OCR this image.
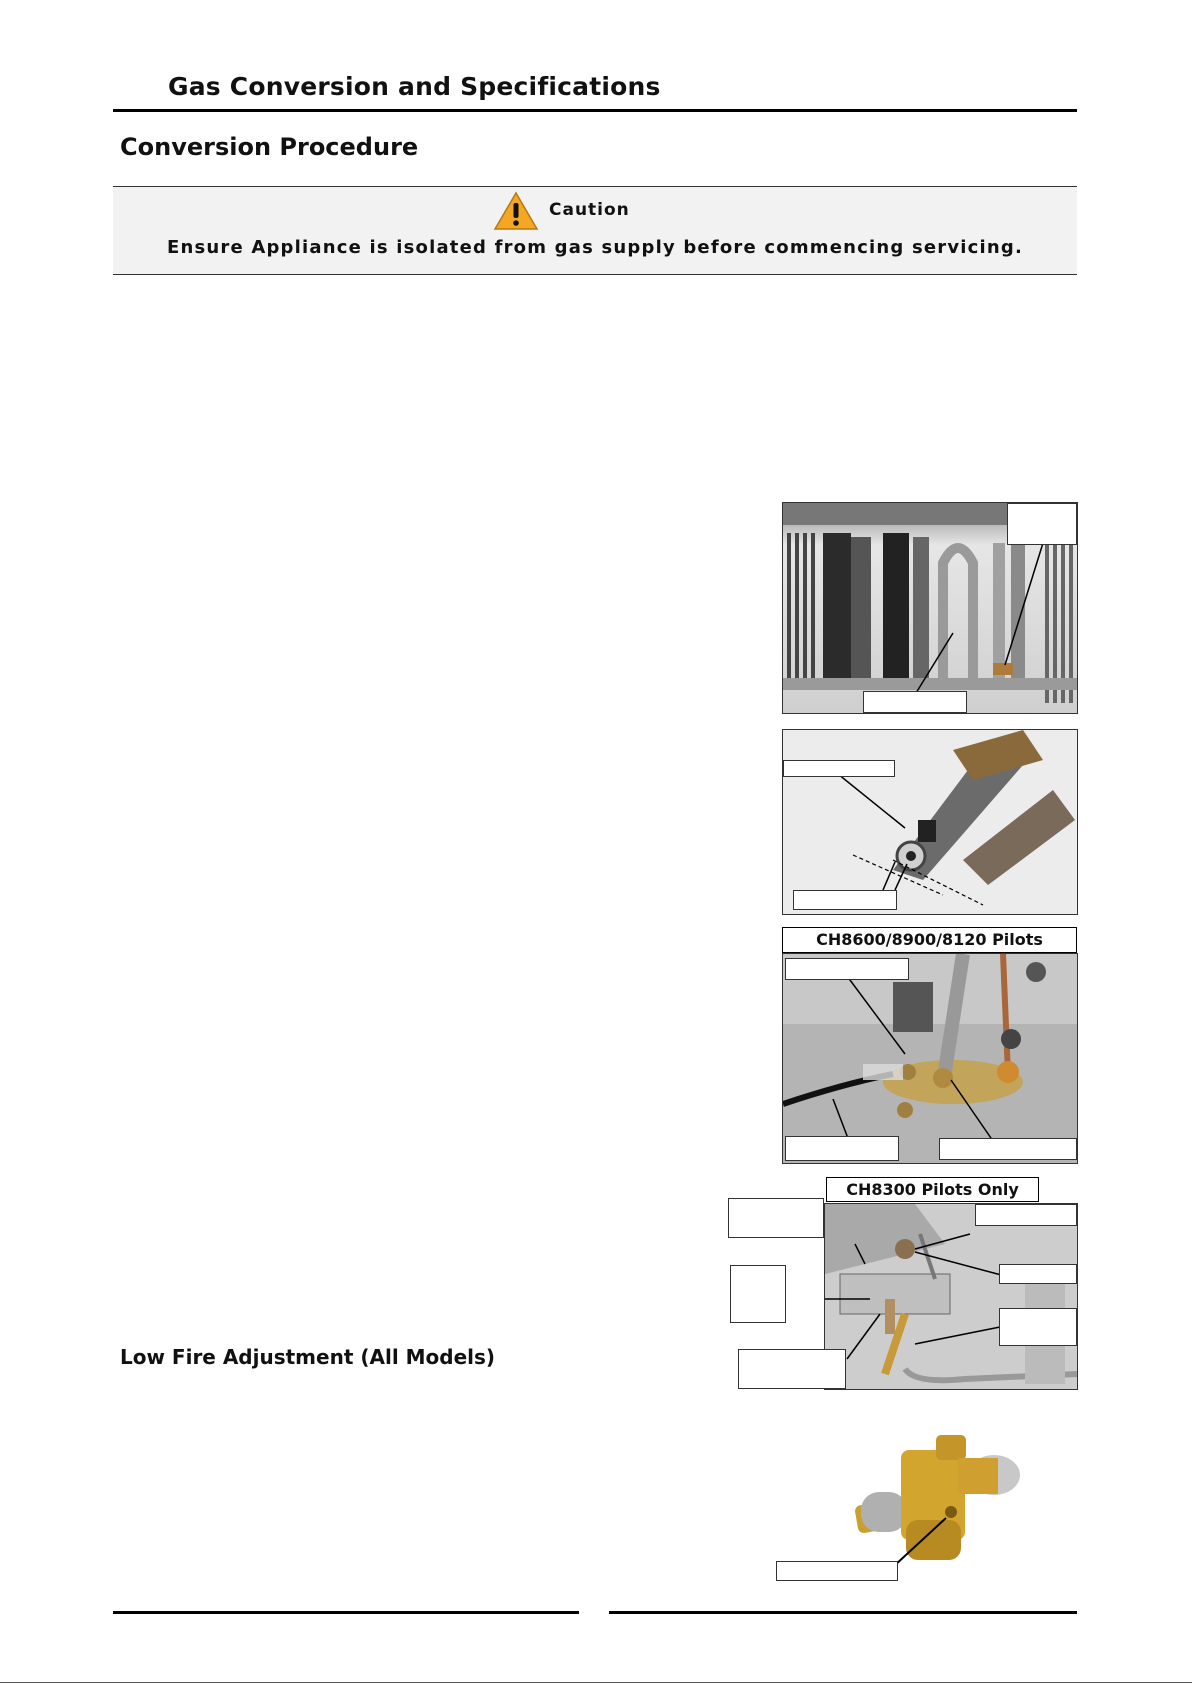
Gas Conversion and Specifications
Conversion Procedure
Caution
Ensure Appliance is isolated from gas supply before commencing servicing.
CH8600/8900/8120 Pilots
CH8300 Pilots Only
Low Fire Adjustment (All Models)
